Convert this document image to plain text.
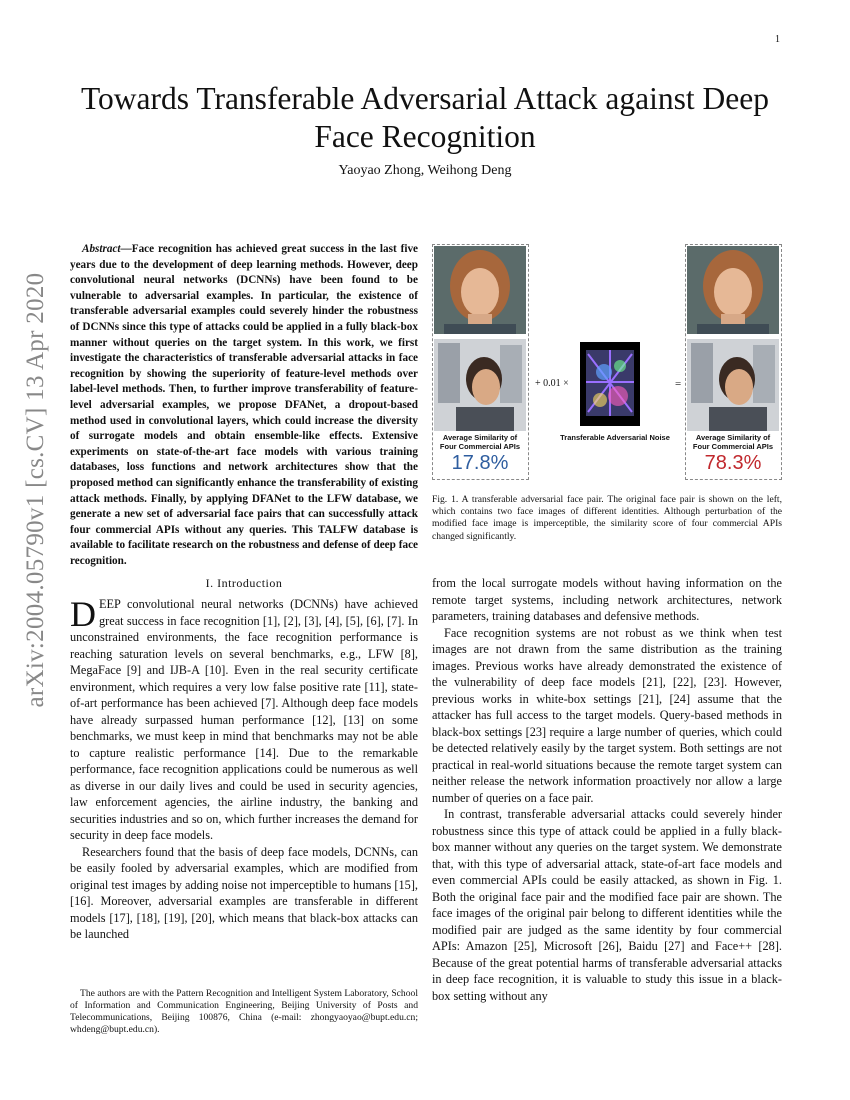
1
arXiv:2004.05790v1 [cs.CV] 13 Apr 2020
Towards Transferable Adversarial Attack against Deep Face Recognition
Yaoyao Zhong, Weihong Deng
Abstract—Face recognition has achieved great success in the last five years due to the development of deep learning methods. However, deep convolutional neural networks (DCNNs) have been found to be vulnerable to adversarial examples. In particular, the existence of transferable adversarial examples could severely hinder the robustness of DCNNs since this type of attacks could be applied in a fully black-box manner without queries on the target system. In this work, we first investigate the characteristics of transferable adversarial attacks in face recognition by showing the superiority of feature-level methods over label-level methods. Then, to further improve transferability of feature-level adversarial examples, we propose DFANet, a dropout-based method used in convolutional layers, which could increase the diversity of surrogate models and obtain ensemble-like effects. Extensive experiments on state-of-the-art face models with various training databases, loss functions and network architectures show that the proposed method can significantly enhance the transferability of existing attack methods. Finally, by applying DFANet to the LFW database, we generate a new set of adversarial face pairs that can successfully attack four commercial APIs without any queries. This TALFW database is available to facilitate research on the robustness and defense of deep face recognition.
Average Similarity of Four Commercial APIs
17.8%
+ 0.01 ×
Transferable Adversarial Noise
=
Average Similarity of Four Commercial APIs
78.3%
Fig. 1. A transferable adversarial face pair. The original face pair is shown on the left, which contains two face images of different identities. Although perturbation of the modified face image is imperceptible, the similarity score of four commercial APIs changed significantly.
I. Introduction

DEEP convolutional neural networks (DCNNs) have achieved great success in face recognition [1], [2], [3], [4], [5], [6], [7]. In unconstrained environments, the face recognition performance is reaching saturation levels on several benchmarks, e.g., LFW [8], MegaFace [9] and IJB-A [10]. Even in the real security certificate environment, which requires a very low false positive rate [11], state-of-art performance has been achieved [7]. Although deep face models have already surpassed human performance [12], [13] on some benchmarks, we must keep in mind that benchmarks may not be able to capture realistic performance [14]. Due to the remarkable performance, face recognition applications could be numerous as well as diverse in our daily lives and could be used in security agencies, law enforcement agencies, the airline industry, the banking and securities industries and so on, which further increases the demand for security in deep face models.

Researchers found that the basis of deep face models, DCNNs, can be easily fooled by adversarial examples, which are modified from original test images by adding noise not imperceptible to humans [15], [16]. Moreover, adversarial examples are transferable in different models [17], [18], [19], [20], which means that black-box attacks can be launched

from the local surrogate models without having information on the remote target systems, including network architectures, network parameters, training databases and defensive methods.

Face recognition systems are not robust as we think when test images are not drawn from the same distribution as the training images. Previous works have already demonstrated the existence of the vulnerability of deep face models [21], [22], [23]. However, previous works in white-box settings [21], [24] assume that the attacker has full access to the target models. Query-based methods in black-box settings [23] require a large number of queries, which could be detected relatively easily by the target system. Both settings are not practical in real-world situations because the remote target system can neither release the network information proactively nor allow a large number of queries on a face pair.

In contrast, transferable adversarial attacks could severely hinder robustness since this type of attack could be applied in a fully black-box manner without any queries on the target system. We demonstrate that, with this type of adversarial attack, state-of-art face models and even commercial APIs could be easily attacked, as shown in Fig. 1. Both the original face pair and the modified face pair are shown. The face images of the original pair belong to different identities while the modified pair are judged as the same identity by four commercial APIs: Amazon [25], Microsoft [26], Baidu [27] and Face++ [28]. Because of the great potential harms of transferable adversarial attacks in deep face recognition, it is valuable to study this issue in a black-box setting without any

The authors are with the Pattern Recognition and Intelligent System Laboratory, School of Information and Communication Engineering, Beijing University of Posts and Telecommunications, Beijing 100876, China (e-mail: zhongyaoyao@bupt.edu.cn; whdeng@bupt.edu.cn).
